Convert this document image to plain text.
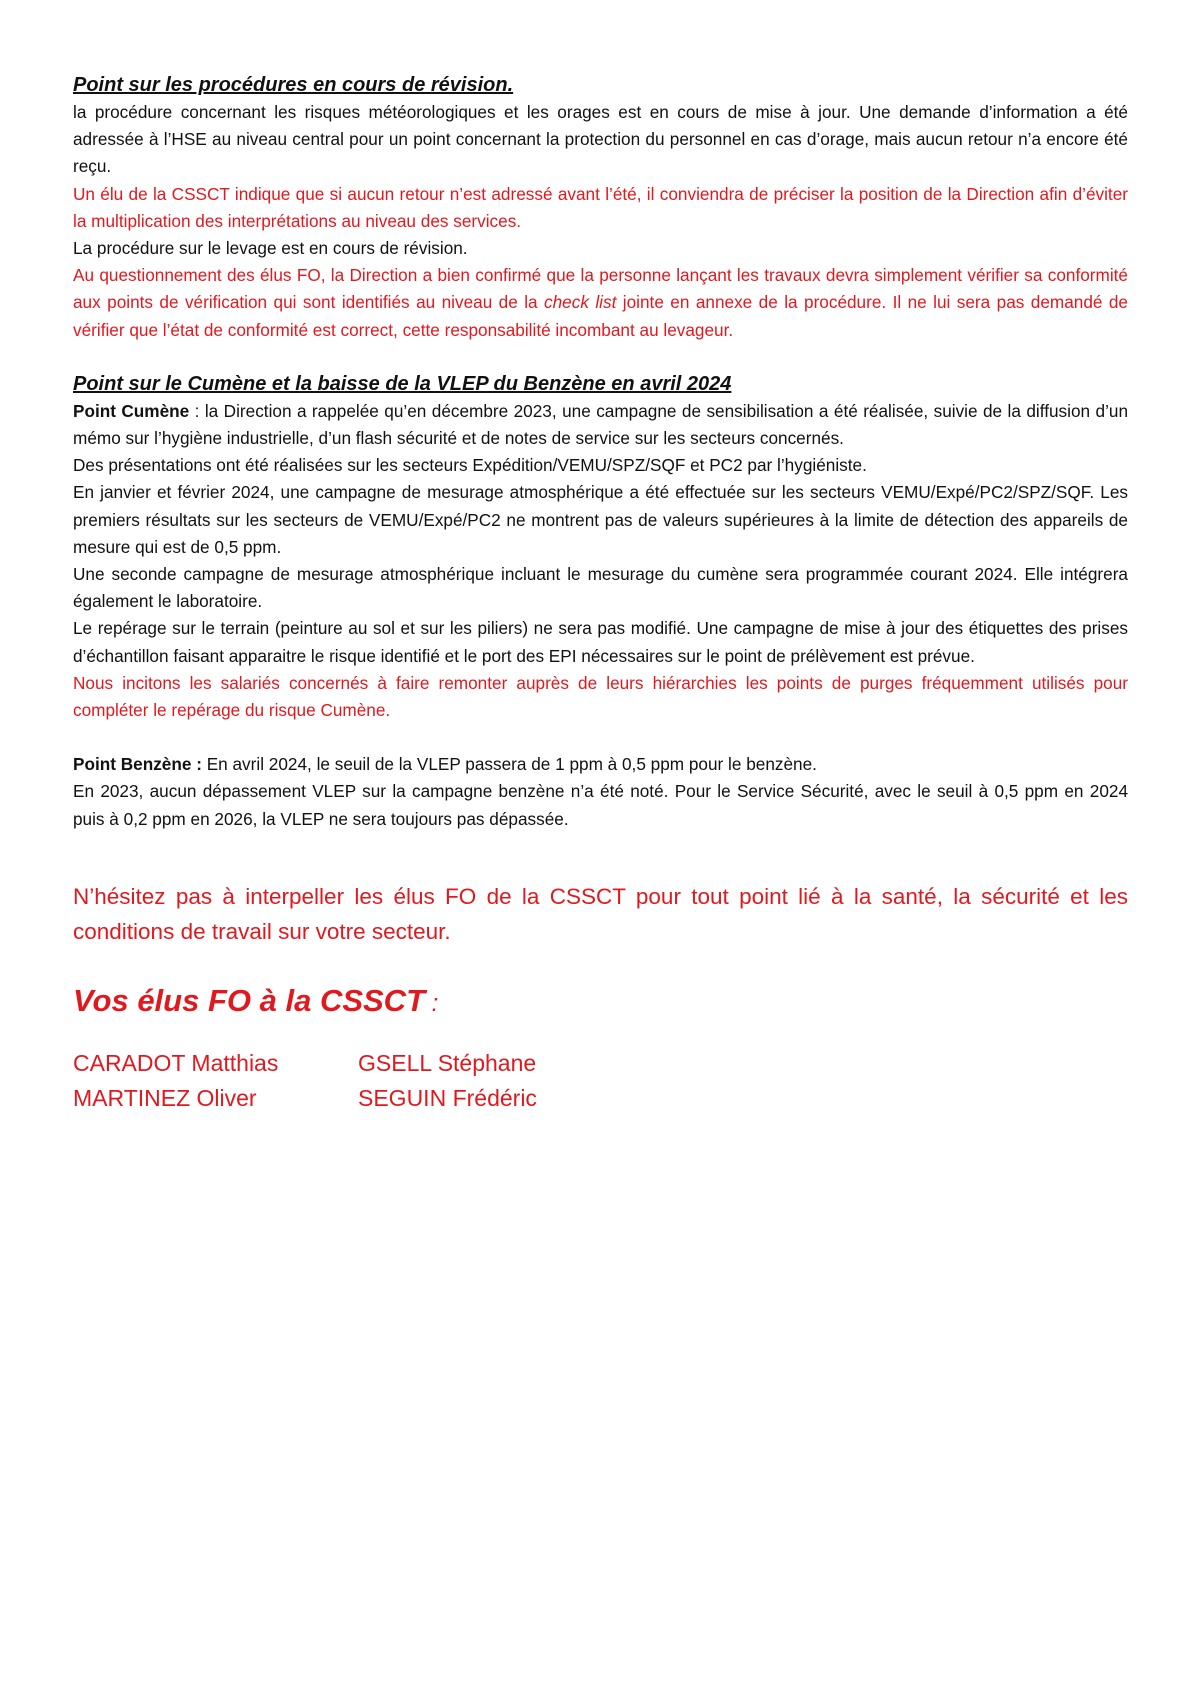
Point sur les procédures en cours de révision.

la procédure concernant les risques météorologiques et les orages est en cours de mise à jour. Une demande d’information a été adressée à l’HSE au niveau central pour un point concernant la protection du personnel en cas d’orage, mais aucun retour n’a encore été reçu.

Un élu de la CSSCT indique que si aucun retour n’est adressé avant l’été, il conviendra de préciser la position de la Direction afin d’éviter la multiplication des interprétations au niveau des services.

La procédure sur le levage est en cours de révision.

Au questionnement des élus FO, la Direction a bien confirmé que la personne lançant les travaux devra simplement vérifier sa conformité aux points de vérification qui sont identifiés au niveau de la check list jointe en annexe de la procédure. Il ne lui sera pas demandé de vérifier que l’état de conformité est correct, cette responsabilité incombant au levageur.

Point sur le Cumène et la baisse de la VLEP du Benzène en avril 2024

Point Cumène : la Direction a rappelée qu’en décembre 2023, une campagne de sensibilisation a été réalisée, suivie de la diffusion d’un mémo sur l’hygiène industrielle, d’un flash sécurité et de notes de service sur les secteurs concernés.

Des présentations ont été réalisées sur les secteurs Expédition/VEMU/SPZ/SQF et PC2 par l’hygiéniste.

En janvier et février 2024, une campagne de mesurage atmosphérique a été effectuée sur les secteurs VEMU/Expé/PC2/SPZ/SQF. Les premiers résultats sur les secteurs de VEMU/Expé/PC2 ne montrent pas de valeurs supérieures à la limite de détection des appareils de mesure qui est de 0,5 ppm.

Une seconde campagne de mesurage atmosphérique incluant le mesurage du cumène sera programmée courant 2024. Elle intégrera également le laboratoire.

Le repérage sur le terrain (peinture au sol et sur les piliers) ne sera pas modifié. Une campagne de mise à jour des étiquettes des prises d’échantillon faisant apparaitre le risque identifié et le port des EPI nécessaires sur le point de prélèvement est prévue.

Nous incitons les salariés concernés à faire remonter auprès de leurs hiérarchies les points de purges fréquemment utilisés pour compléter le repérage du risque Cumène.

Point Benzène : En avril 2024, le seuil de la VLEP passera de 1 ppm à 0,5 ppm pour le benzène.

En 2023, aucun dépassement VLEP sur la campagne benzène n’a été noté. Pour le Service Sécurité, avec le seuil à 0,5 ppm en 2024 puis à 0,2 ppm en 2026, la VLEP ne sera toujours pas dépassée.

N’hésitez pas à interpeller les élus FO de la CSSCT pour tout point lié à la santé, la sécurité et les conditions de travail sur votre secteur.

Vos élus FO à la CSSCT :
CARADOT Matthias	GSELL Stéphane
MARTINEZ Oliver	SEGUIN Frédéric
